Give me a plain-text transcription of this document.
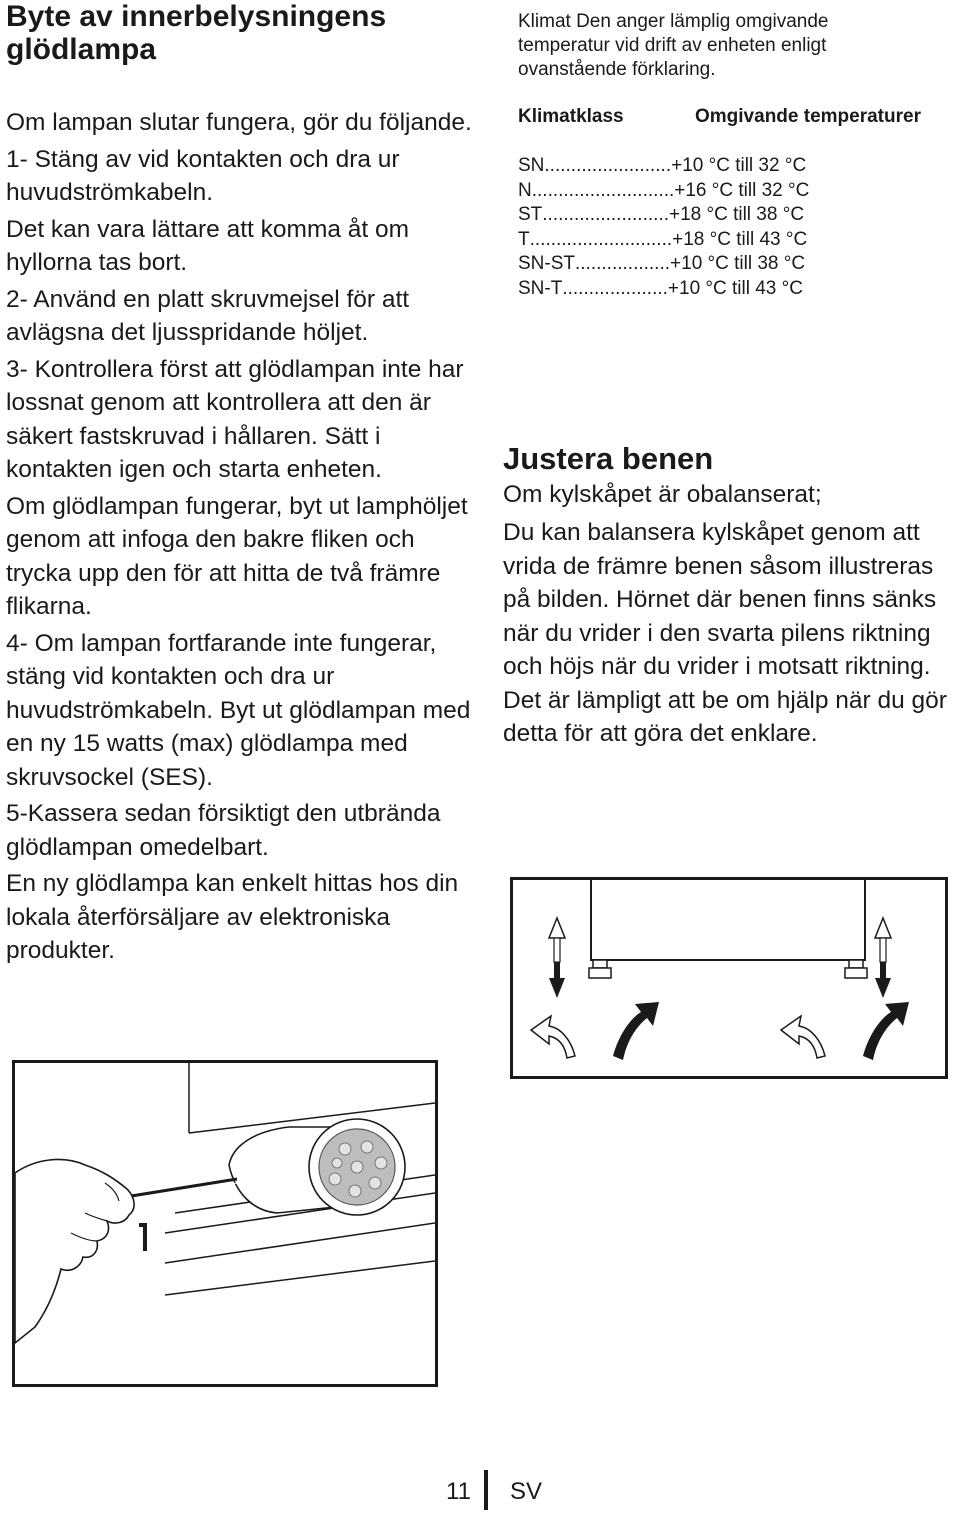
Byte av innerbelysningens glödlampa

Om lampan slutar fungera, gör du följande.

1- Stäng av vid kontakten och dra ur huvudströmkabeln.

Det kan vara lättare att komma åt om hyllorna tas bort.

2- Använd en platt skruvmejsel för att avlägsna det ljusspridande höljet.

3- Kontrollera först att glödlampan inte har lossnat genom att kontrollera att den är säkert fastskruvad i hållaren. Sätt i kontakten igen och starta enheten.

Om glödlampan fungerar, byt ut lamphöljet genom att infoga den bakre fliken och trycka upp den för att hitta de två främre flikarna.

4- Om lampan fortfarande inte fungerar, stäng vid kontakten och dra ur huvudströmkabeln. Byt ut glödlampan med en ny 15 watts (max) glödlampa med skruvsockel (SES).

5-Kassera sedan försiktigt den utbrända glödlampan omedelbart.

En ny glödlampa kan enkelt hittas hos din lokala återförsäljare av elektroniska produkter.

Klimat Den anger lämplig omgivande temperatur vid drift av enheten enligt ovanstående förklaring.
Klimatklass	Omgivande temperaturer
SN ........................ +10 °C till 32 °C
N ........................... +16 °C till 32 °C
ST ........................ +18 °C till 38 °C
T ........................... +18 °C till 43 °C
SN-ST .................. +10 °C till 38 °C
SN-T .................... +10 °C till 43 °C
Justera benen
Om kylskåpet är obalanserat;
Du kan balansera kylskåpet genom att vrida de främre benen såsom illustreras på bilden. Hörnet där benen finns sänks när du vrider i den svarta pilens riktning och höjs när du vrider i motsatt riktning. Det är lämpligt att be om hjälp när du gör detta för att göra det enklare.
11 SV
